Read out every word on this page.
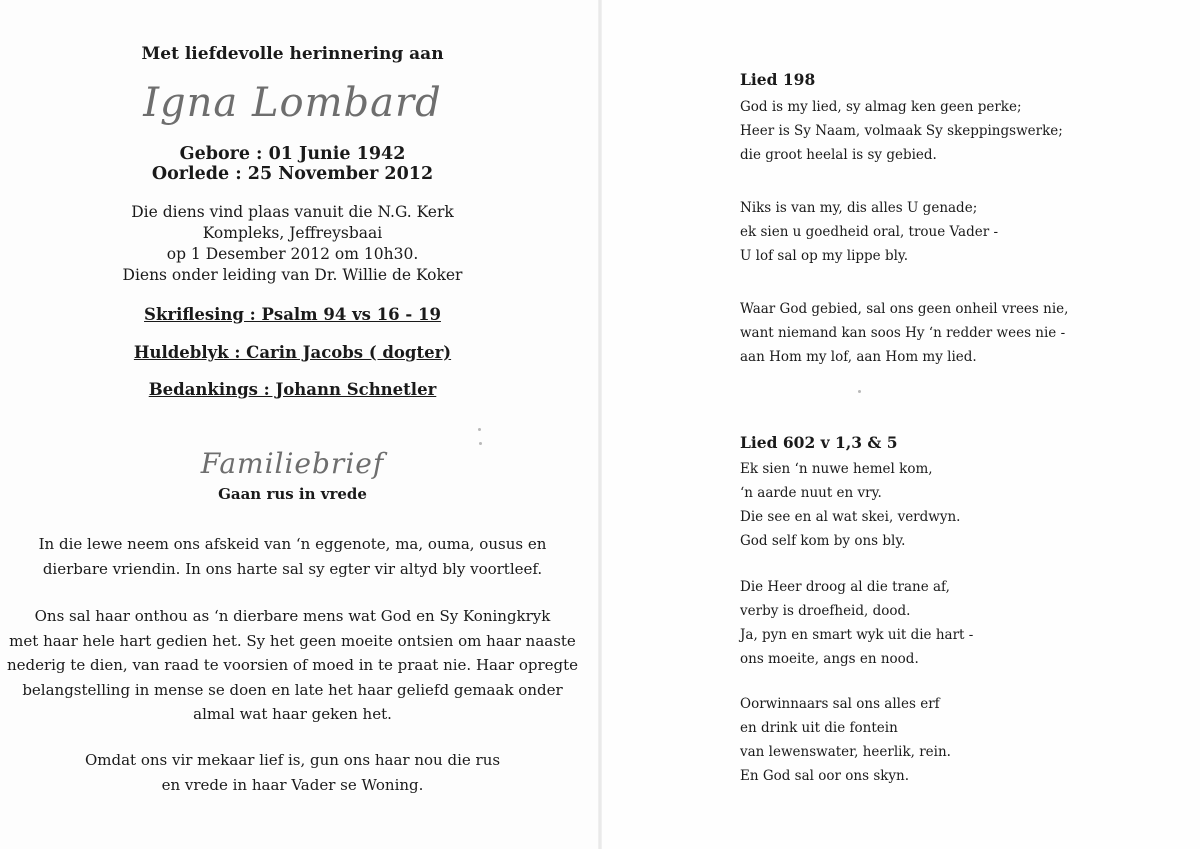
Met liefdevolle herinnering aan
Igna Lombard
Gebore : 01 Junie 1942
Oorlede : 25 November 2012
Die diens vind plaas vanuit die N.G. Kerk
Kompleks, Jeffreysbaai
op 1 Desember 2012 om 10h30.
Diens onder leiding van Dr. Willie de Koker
Skriflesing : Psalm 94 vs 16 - 19
Huldeblyk : Carin Jacobs ( dogter)
Bedankings : Johann Schnetler
Familiebrief
Gaan rus in vrede
In die lewe neem ons afskeid van ‘n eggenote, ma, ouma, ousus en
dierbare vriendin. In ons harte sal sy egter vir altyd bly voortleef.
Ons sal haar onthou as ‘n dierbare mens wat God en Sy Koningkryk
met haar hele hart gedien het. Sy het geen moeite ontsien om haar naaste
nederig te dien, van raad te voorsien of moed in te praat nie. Haar opregte
belangstelling in mense se doen en late het haar geliefd gemaak onder
almal wat haar geken het.
Omdat ons vir mekaar lief is, gun ons haar nou die rus
en vrede in haar Vader se Woning.
Lied 198
God is my lied, sy almag ken geen perke;
Heer is Sy Naam, volmaak Sy skeppingswerke;
die groot heelal is sy gebied.
Niks is van my, dis alles U genade;
ek sien u goedheid oral, troue Vader -
U lof sal op my lippe bly.
Waar God gebied, sal ons geen onheil vrees nie,
want niemand kan soos Hy ‘n redder wees nie -
aan Hom my lof, aan Hom my lied.
Lied 602 v 1,3 & 5
Ek sien ‘n nuwe hemel kom,
‘n aarde nuut en vry.
Die see en al wat skei, verdwyn.
God self kom by ons bly.
Die Heer droog al die trane af,
verby is droefheid, dood.
Ja, pyn en smart wyk uit die hart -
ons moeite, angs en nood.
Oorwinnaars sal ons alles erf
en drink uit die fontein
van lewenswater, heerlik, rein.
En God sal oor ons skyn.
